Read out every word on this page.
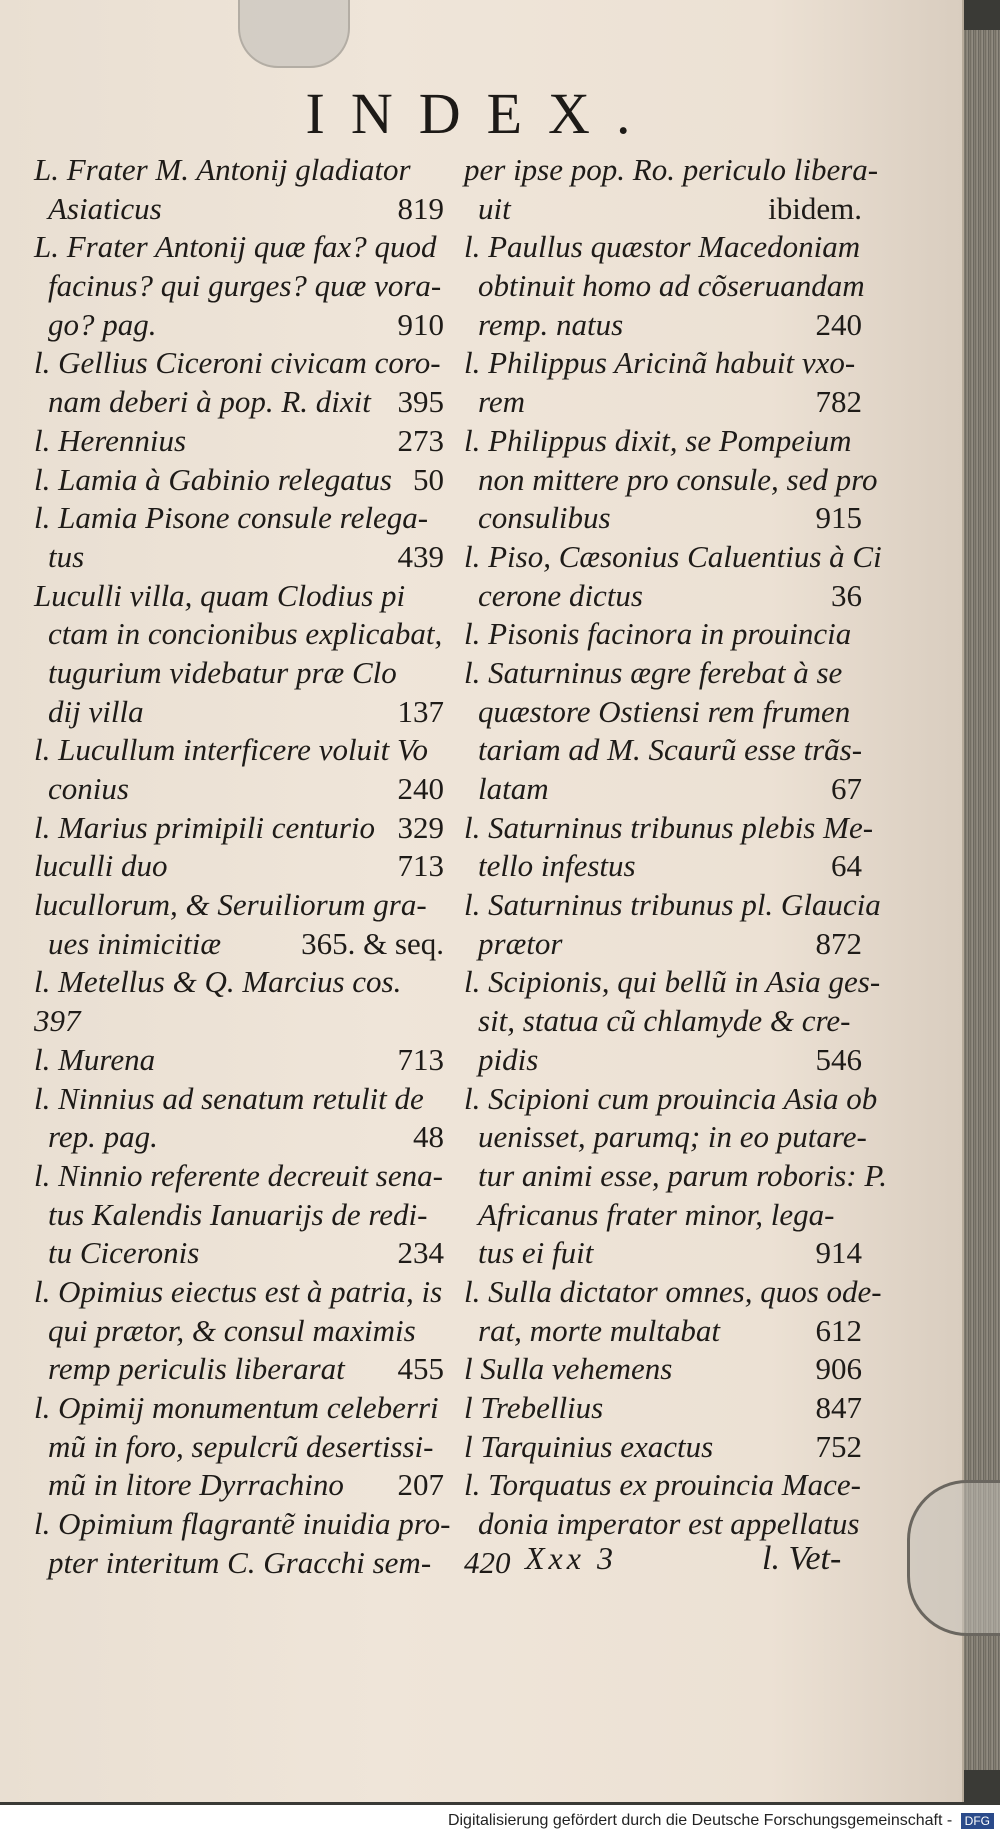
INDEX.
L. Frater M. Antonij gladiator
Asiaticus	819
L. Frater Antonij quæ fax? quod
facinus? qui gurges? quæ vora-
go? pag.	910
l. Gellius Ciceroni civicam coro-
nam deberi à pop. R. dixit 395
l. Herennius	273
l. Lamia à Gabinio relegatus 50
l. Lamia Pisone consule relega-
tus	439
Luculli villa, quam Clodius pi
ctam in concionibus explicabat,
tugurium videbatur præ Clo
dij villa	137
l. Lucullum interficere voluit Vo
conius	240
l. Marius primipili centurio 329
luculli duo	713
lucullorum, & Seruiliorum gra-
ues inimicitiæ	365. & seq.
l. Metellus & Q. Marcius cos.
397
l. Murena	713
l. Ninnius ad senatum retulit de
rep. pag.	48
l. Ninnio referente decreuit sena-
tus Kalendis Ianuarijs de redi-
tu Ciceronis	234
l. Opimius eiectus est à patria, is
qui prætor, & consul maximis
remp periculis liberarat 455
l. Opimij monumentum celeberri
mũ in foro, sepulcrũ desertissi-
mũ in litore Dyrrachino 207
l. Opimium flagrantẽ inuidia pro-
pter interitum C. Gracchi sem-
per ipse pop. Ro. periculo libera-
uit	ibidem.
l. Paullus quæstor Macedoniam
obtinuit homo ad cõseruandam
remp. natus	240
l. Philippus Aricinã habuit vxo-
rem	782
l. Philippus dixit, se Pompeium
non mittere pro consule, sed pro
consulibus	915
l. Piso, Cæsonius Caluentius à Ci
cerone dictus	36
l. Pisonis facinora in prouincia
l. Saturninus ægre ferebat à se
quæstore Ostiensi rem frumen
tariam ad M. Scaurũ esse trãs-
latam	67
l. Saturninus tribunus plebis Me-
tello infestus	64
l. Saturninus tribunus pl. Glaucia
prætor	872
l. Scipionis, qui bellũ in Asia ges-
sit, statua cũ chlamyde & cre-
pidis	546
l. Scipioni cum prouincia Asia ob
uenisset, parumq; in eo putare-
tur animi esse, parum roboris: P.
Africanus frater minor, lega-
tus ei fuit	914
l. Sulla dictator omnes, quos ode-
rat, morte multabat	612
l Sulla vehemens	906
l Trebellius	847
l Tarquinius exactus	752
l. Torquatus ex prouincia Mace-
donia imperator est appellatus
420 Xxx 3	l. Vet-
Digitalisierung gefördert durch die Deutsche Forschungsgemeinschaft - DFG
